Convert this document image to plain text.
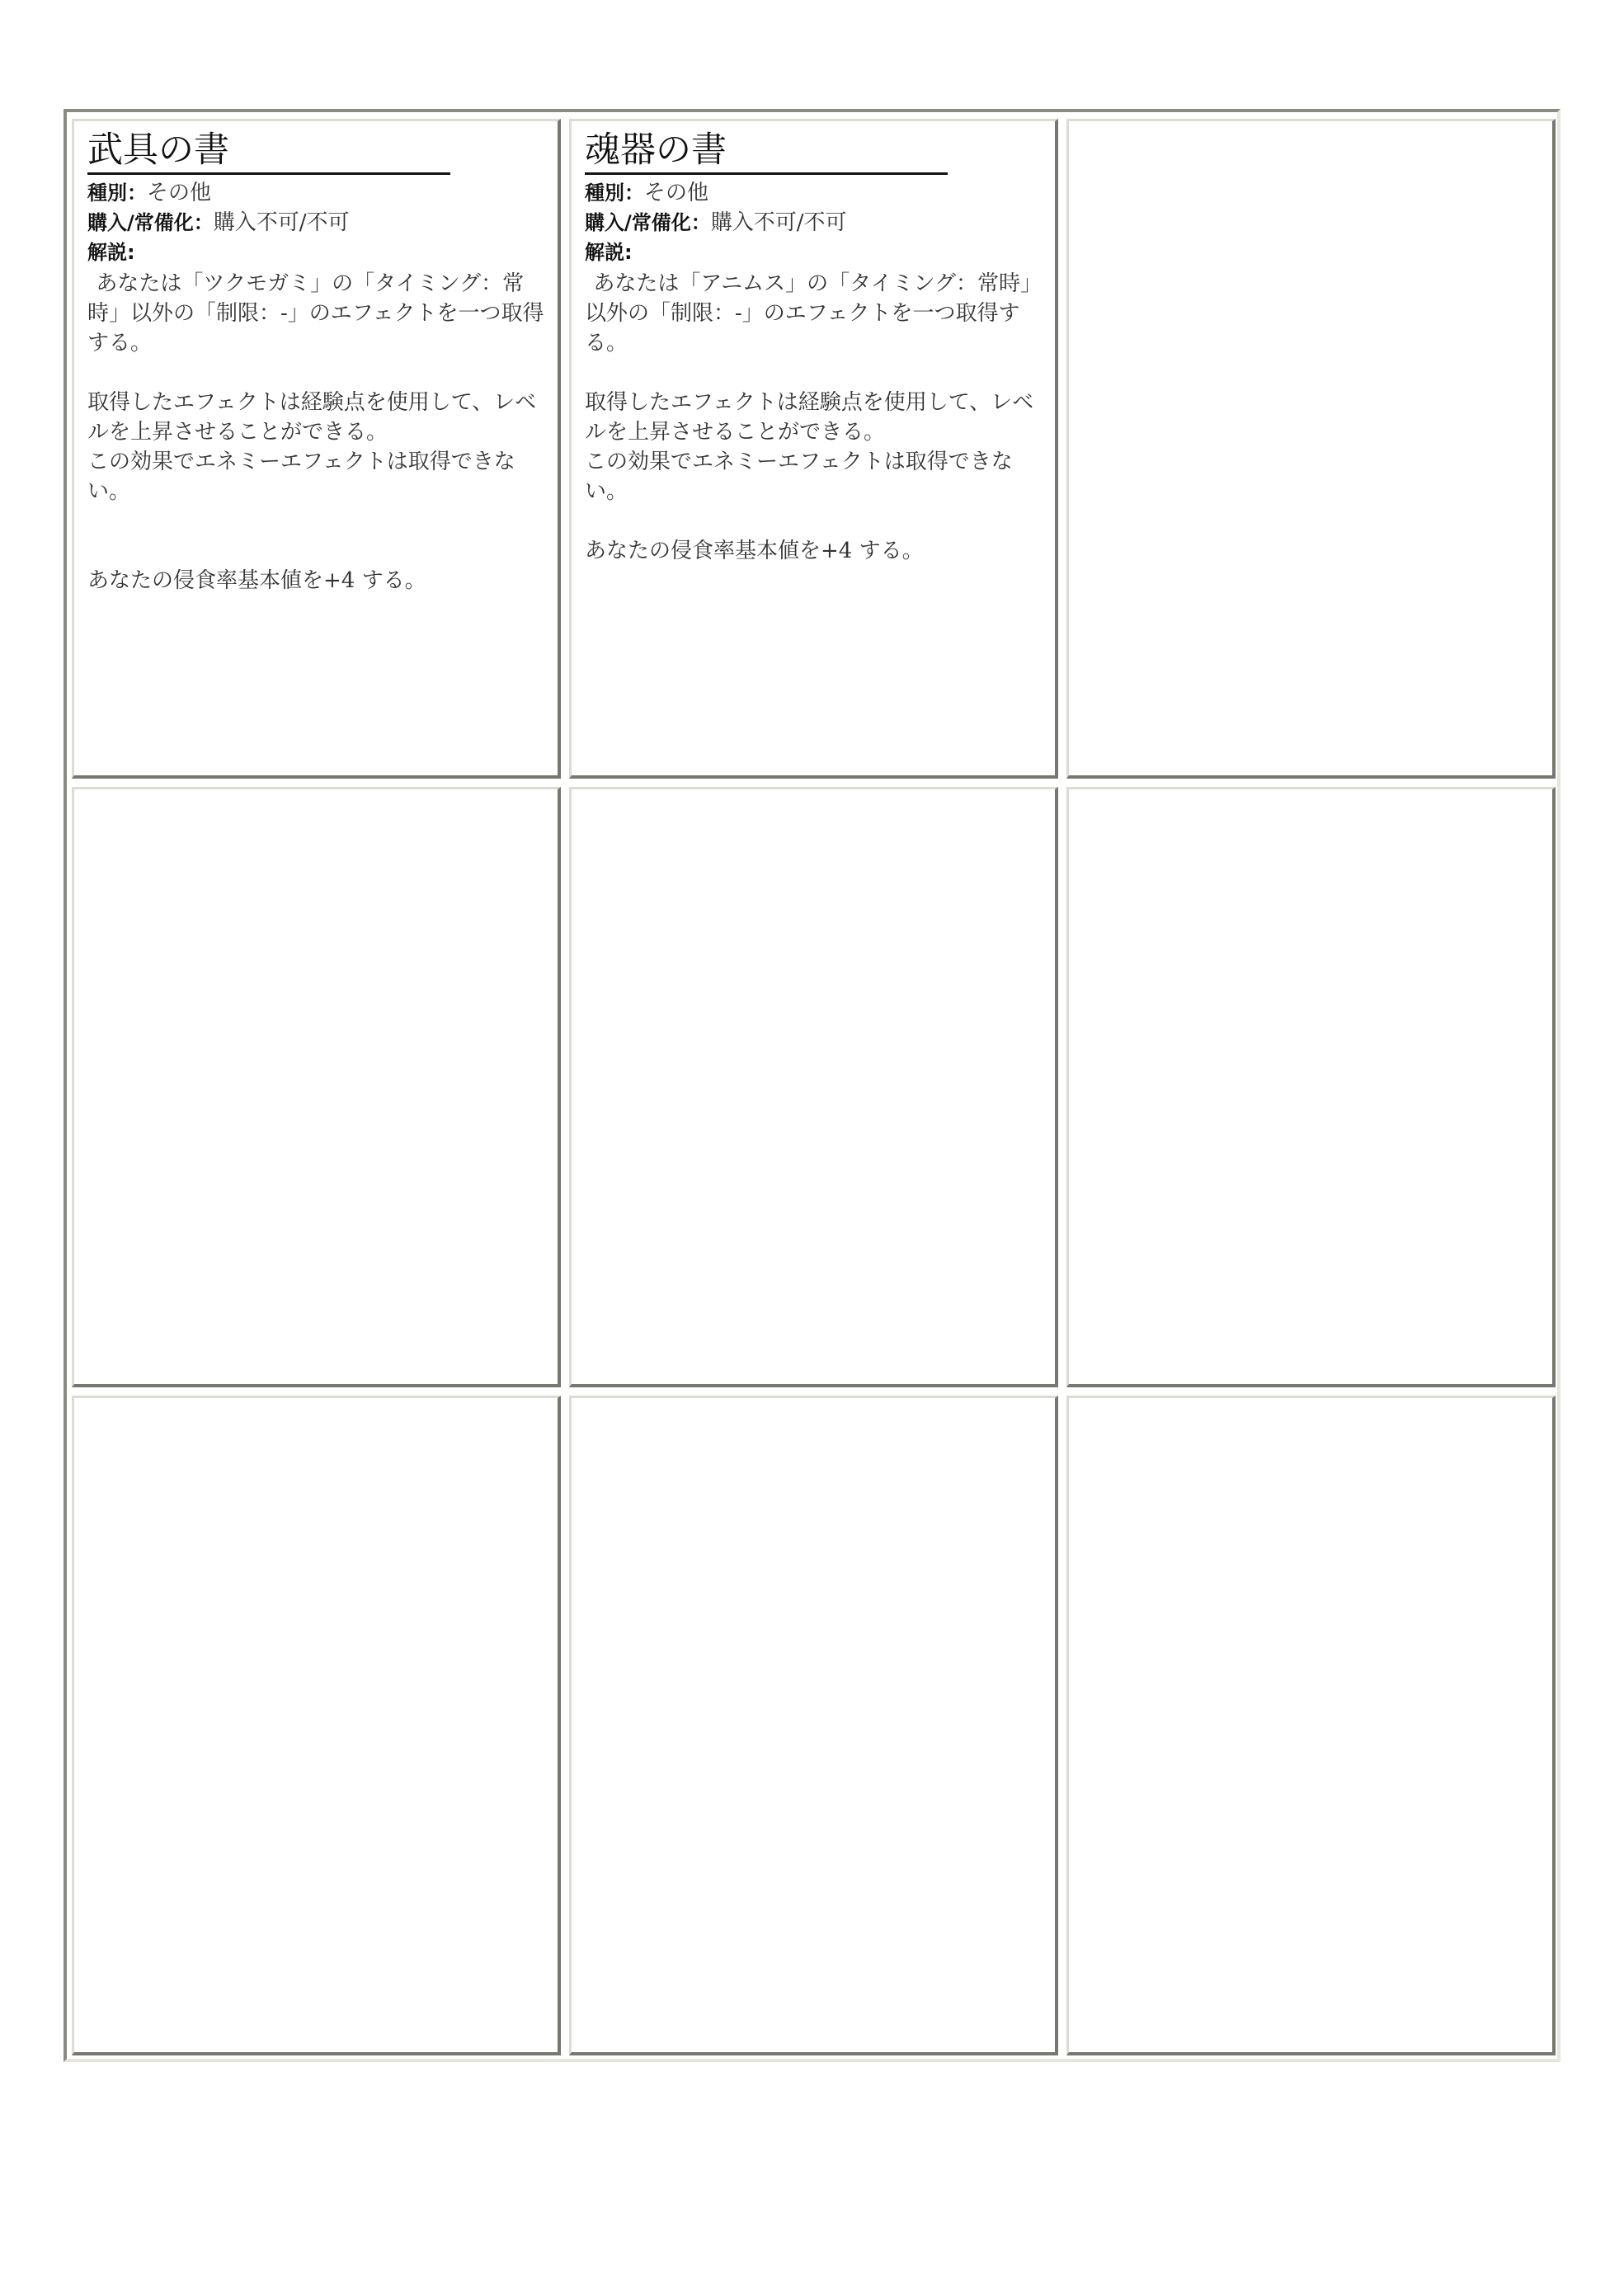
武具の書
種別：その他
購入/常備化：購入不可/不可
解説:

あなたは「ツクモガミ」の「タイミング：常時」以外の「制限：-」のエフェクトを一つ取得する。

取得したエフェクトは経験点を使用して、レベルを上昇させることができる。

この効果でエネミーエフェクトは取得できない。

あなたの侵食率基本値を+4 する。

魂器の書
種別：その他
購入/常備化：購入不可/不可
解説:

あなたは「アニムス」の「タイミング：常時」以外の「制限：-」のエフェクトを一つ取得する。

取得したエフェクトは経験点を使用して、レベルを上昇させることができる。

この効果でエネミーエフェクトは取得できない。

あなたの侵食率基本値を+4 する。
